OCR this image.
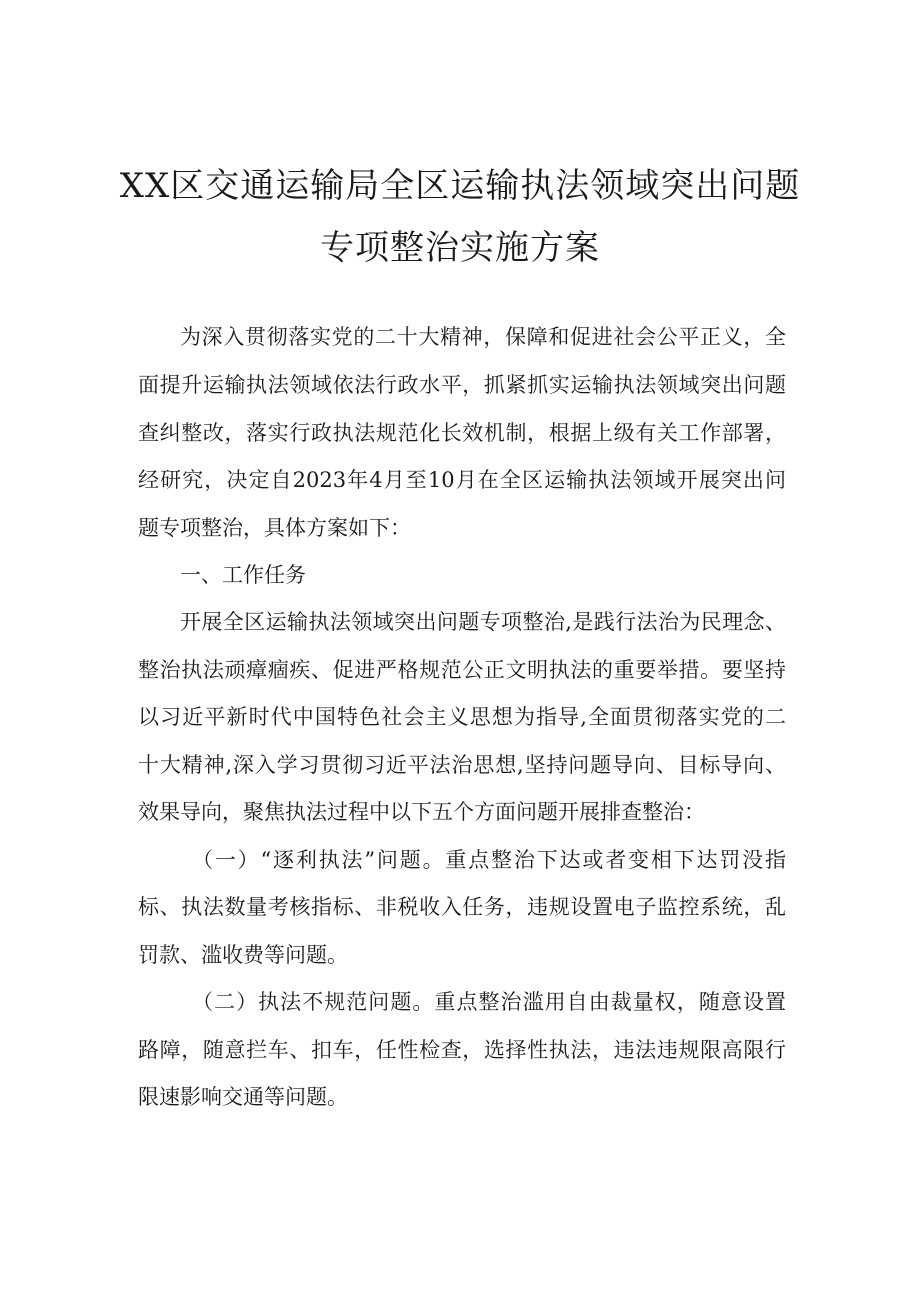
XX区交通运输局全区运输执法领域突出问题
专项整治实施方案
为深入贯彻落实党的二十大精神，保障和促进社会公平正义，全
面提升运输执法领域依法行政水平，抓紧抓实运输执法领域突出问题
查纠整改，落实行政执法规范化长效机制，根据上级有关工作部署，
经研究，决定自2023年4月至10月在全区运输执法领域开展突出问
题专项整治，具体方案如下：
一、工作任务
开展全区运输执法领域突出问题专项整治,是践行法治为民理念、
整治执法顽瘴痼疾、促进严格规范公正文明执法的重要举措。要坚持
以习近平新时代中国特色社会主义思想为指导,全面贯彻落实党的二
十大精神,深入学习贯彻习近平法治思想,坚持问题导向、目标导向、
效果导向，聚焦执法过程中以下五个方面问题开展排查整治：
（一）“逐利执法”问题。重点整治下达或者变相下达罚没指
标、执法数量考核指标、非税收入任务，违规设置电子监控系统，乱
罚款、滥收费等问题。
（二）执法不规范问题。重点整治滥用自由裁量权，随意设置
路障，随意拦车、扣车，任性检查，选择性执法，违法违规限高限行
限速影响交通等问题。
